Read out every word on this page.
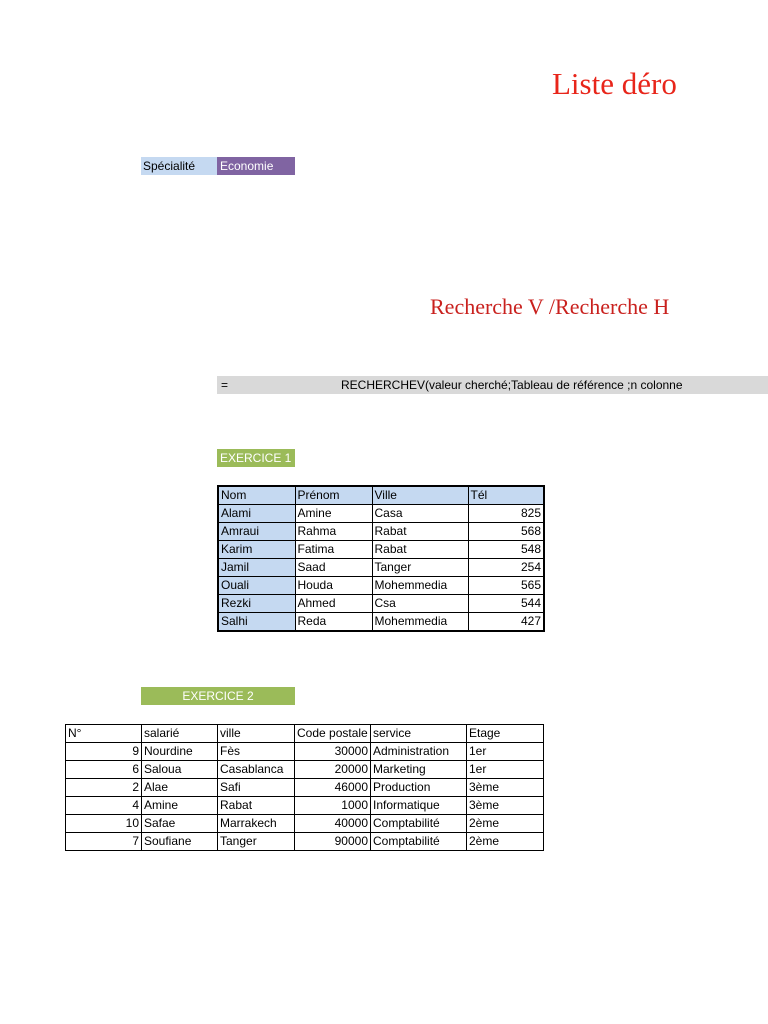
Liste déro
Spécialité	Economie
Recherche V /Recherche H
=	RECHERCHEV(valeur cherché;Tableau de référence ;n colonne
EXERCICE 1
Nom	Prénom	Ville	Tél
Alami	Amine	Casa	825
Amraui	Rahma	Rabat	568
Karim	Fatima	Rabat	548
Jamil	Saad	Tanger	254
Ouali	Houda	Mohemmedia	565
Rezki	Ahmed	Csa	544
Salhi	Reda	Mohemmedia	427
EXERCICE 2
N°	salarié	ville	Code postale	service	Etage
9	Nourdine	Fès	30000	Administration	1er
6	Saloua	Casablanca	20000	Marketing	1er
2	Alae	Safi	46000	Production	3ème
4	Amine	Rabat	1000	Informatique	3ème
10	Safae	Marrakech	40000	Comptabilité	2ème
7	Soufiane	Tanger	90000	Comptabilité	2ème
